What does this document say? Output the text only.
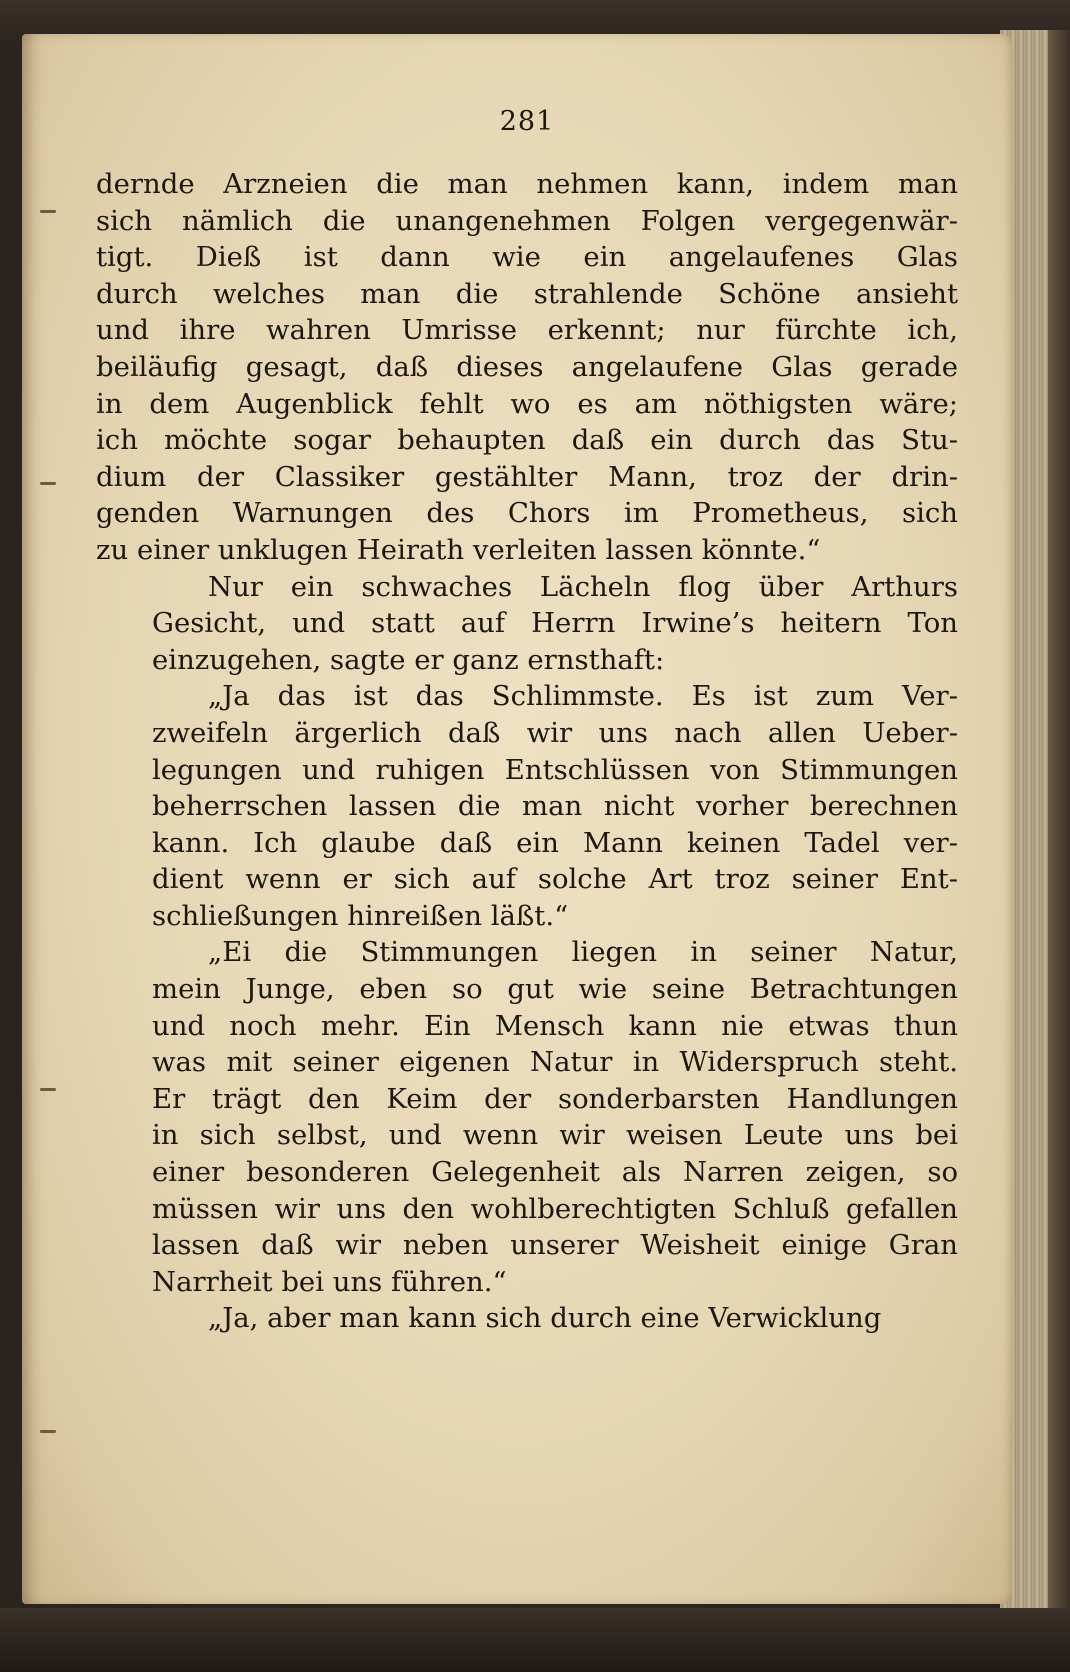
281
dernde Arzneien die man nehmen kann, indem man
sich nämlich die unangenehmen Folgen vergegenwär-
tigt. Dieß ist dann wie ein angelaufenes Glas
durch welches man die strahlende Schöne ansieht
und ihre wahren Umrisse erkennt; nur fürchte ich,
beiläufig gesagt, daß dieses angelaufene Glas gerade
in dem Augenblick fehlt wo es am nöthigsten wäre;
ich möchte sogar behaupten daß ein durch das Stu-
dium der Classiker gestählter Mann, troz der drin-
genden Warnungen des Chors im Prometheus, sich
zu einer unklugen Heirath verleiten lassen könnte.“
Nur ein schwaches Lächeln flog über Arthurs
Gesicht, und statt auf Herrn Irwine’s heitern Ton
einzugehen, sagte er ganz ernsthaft:
„Ja das ist das Schlimmste. Es ist zum Ver-
zweifeln ärgerlich daß wir uns nach allen Ueber-
legungen und ruhigen Entschlüssen von Stimmungen
beherrschen lassen die man nicht vorher berechnen
kann. Ich glaube daß ein Mann keinen Tadel ver-
dient wenn er sich auf solche Art troz seiner Ent-
schließungen hinreißen läßt.“
„Ei die Stimmungen liegen in seiner Natur,
mein Junge, eben so gut wie seine Betrachtungen
und noch mehr. Ein Mensch kann nie etwas thun
was mit seiner eigenen Natur in Widerspruch steht.
Er trägt den Keim der sonderbarsten Handlungen
in sich selbst, und wenn wir weisen Leute uns bei
einer besonderen Gelegenheit als Narren zeigen, so
müssen wir uns den wohlberechtigten Schluß gefallen
lassen daß wir neben unserer Weisheit einige Gran
Narrheit bei uns führen.“
„Ja, aber man kann sich durch eine Verwicklung
